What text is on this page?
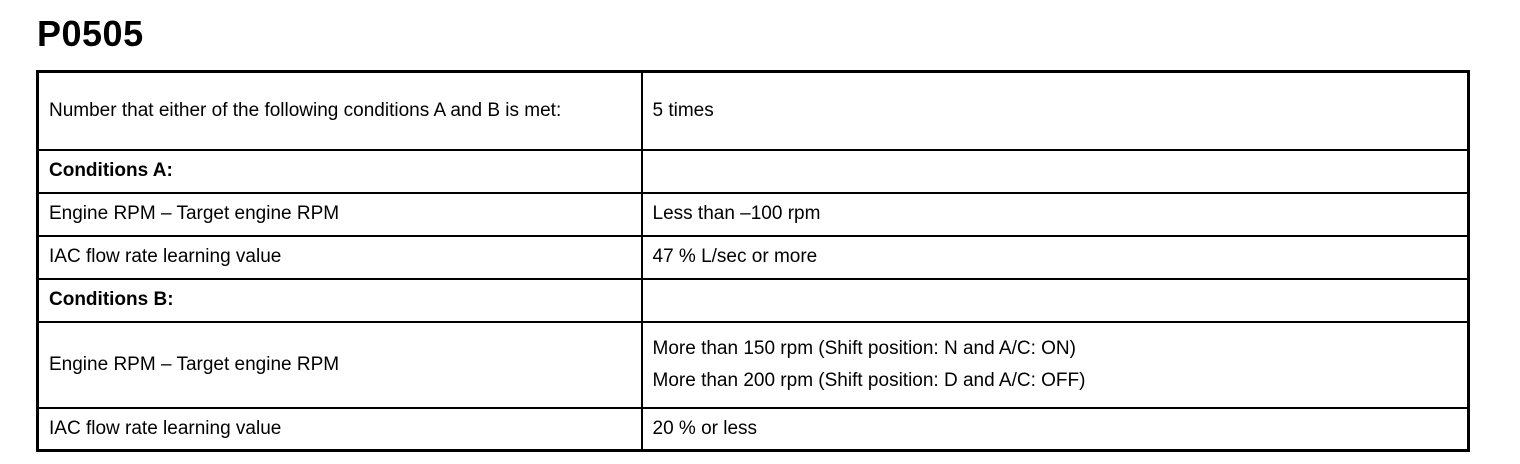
P0505
Number that either of the following conditions A and B is met:	5 times

Conditions A:	
Engine RPM – Target engine RPM	Less than –100 rpm

IAC flow rate learning value	47 % L/sec or more

Conditions B:	
Engine RPM – Target engine RPM	More than 150 rpm (Shift position: N and A/C: ON)
More than 200 rpm (Shift position: D and A/C: OFF)

IAC flow rate learning value	20 % or less
